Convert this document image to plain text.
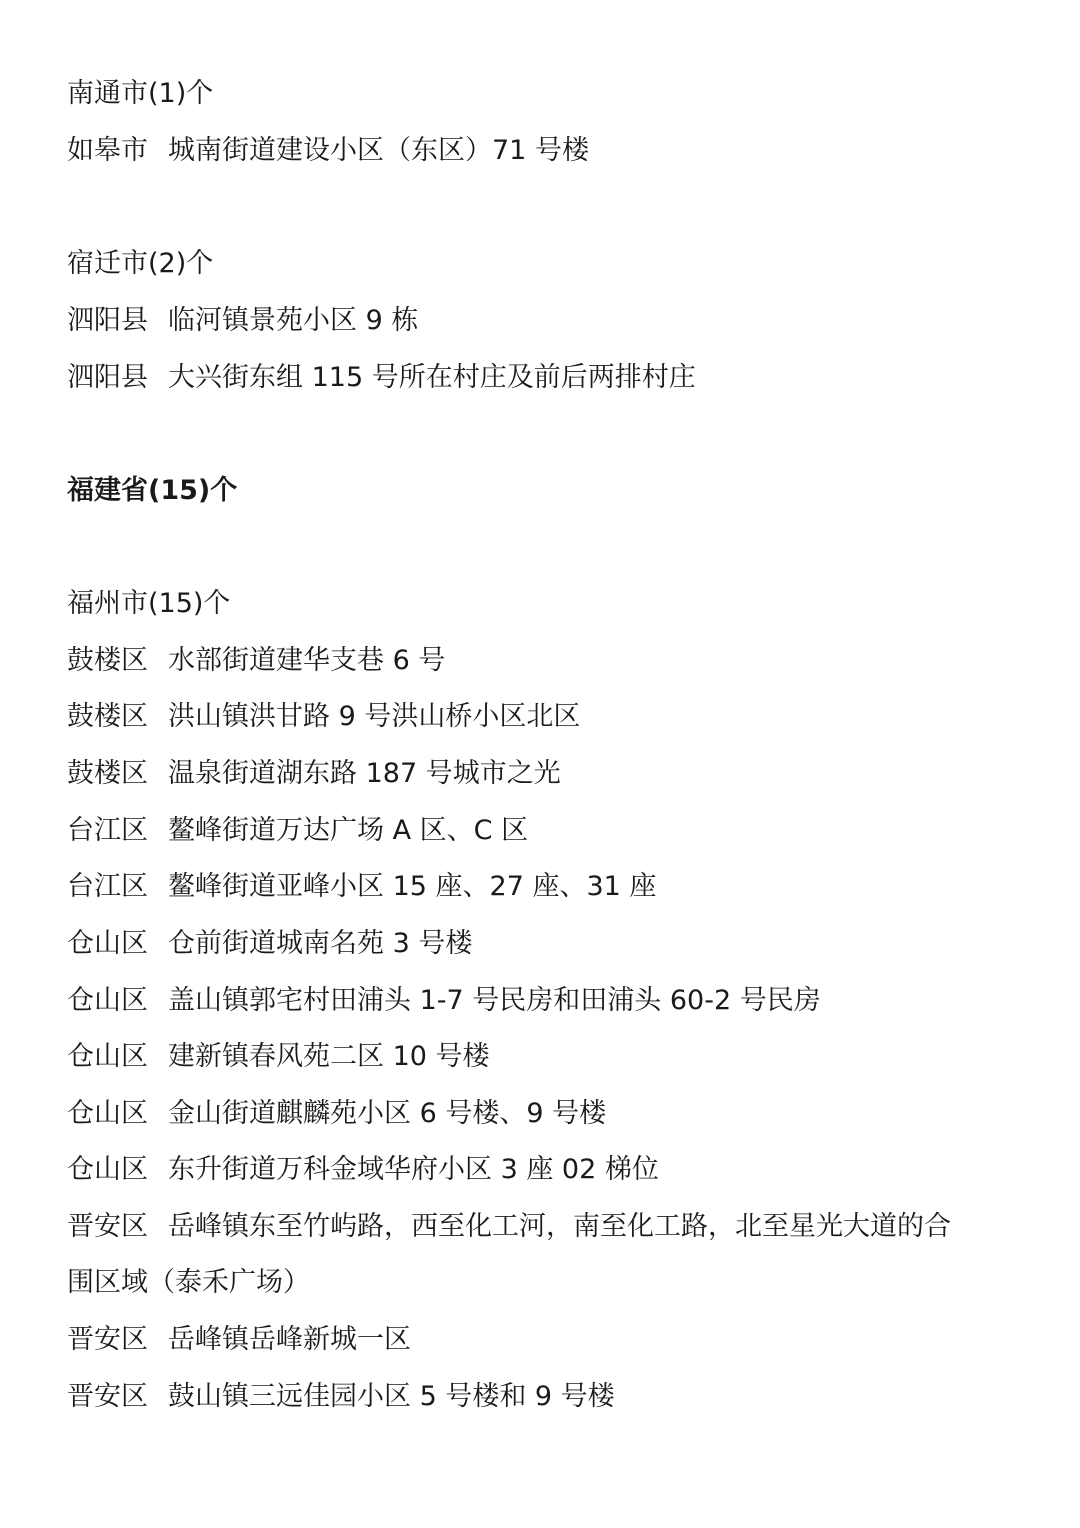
南通市(1)个
如皋市 城南街道建设小区（东区）71 号楼
宿迁市(2)个
泗阳县 临河镇景苑小区 9 栋
泗阳县 大兴街东组 115 号所在村庄及前后两排村庄
福建省(15)个
福州市(15)个
鼓楼区 水部街道建华支巷 6 号
鼓楼区 洪山镇洪甘路 9 号洪山桥小区北区
鼓楼区 温泉街道湖东路 187 号城市之光
台江区 鳌峰街道万达广场 A 区、C 区
台江区 鳌峰街道亚峰小区 15 座、27 座、31 座
仓山区 仓前街道城南名苑 3 号楼
仓山区 盖山镇郭宅村田浦头 1-7 号民房和田浦头 60-2 号民房
仓山区 建新镇春风苑二区 10 号楼
仓山区 金山街道麒麟苑小区 6 号楼、9 号楼
仓山区 东升街道万科金域华府小区 3 座 02 梯位
晋安区 岳峰镇东至竹屿路，西至化工河，南至化工路，北至星光大道的合
围区域（泰禾广场）
晋安区 岳峰镇岳峰新城一区
晋安区 鼓山镇三远佳园小区 5 号楼和 9 号楼
